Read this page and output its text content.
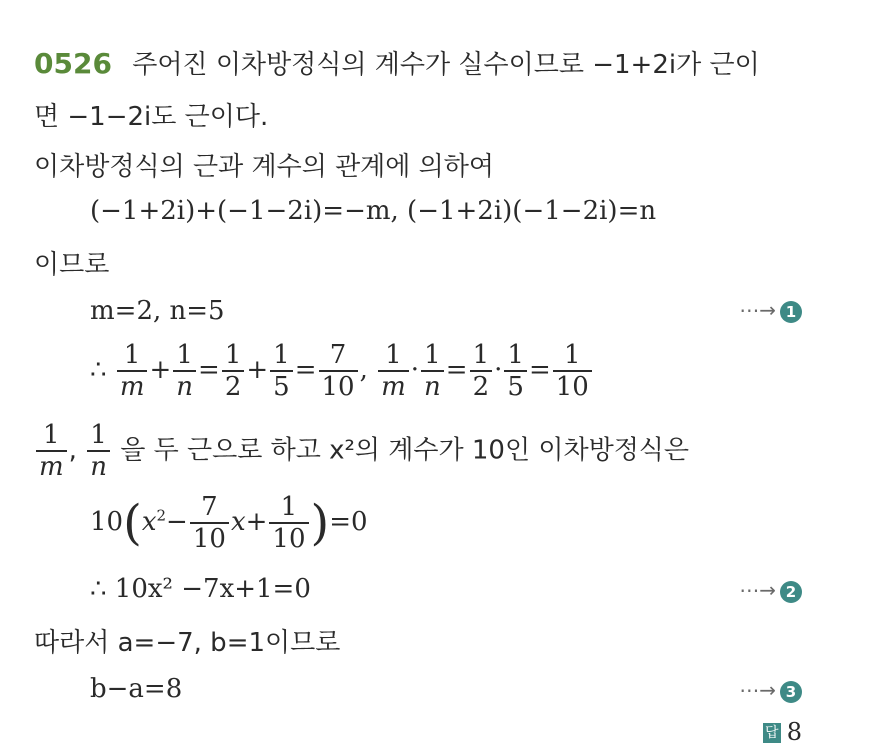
0526 주어진 이차방정식의 계수가 실수이므로 −1+2i가 근이
면 −1−2i도 근이다.
이차방정식의 근과 계수의 관계에 의하여
(−1+2i)+(−1−2i)=−m, (−1+2i)(−1−2i)=n
이므로
m=2, n=5	⋯→ 1
∴ $\frac{1}{m} + \frac{1}{n} = \frac{1}{2} + \frac{1}{5} = \frac{7}{10}$ , $\frac{1}{m} \cdot \frac{1}{n} = \frac{1}{2} \cdot \frac{1}{5} = \frac{1}{10}$
$\frac{1}{m}$ , $\frac{1}{n}$ 을 두 근으로 하고 x²의 계수가 10인 이차방정식은
$10(x^2- \frac{7}{10} x+ \frac{1}{10} )=0$
∴ 10x² −7x+1=0	⋯→ 2
따라서 a=−7, b=1이므로
b−a=8	⋯→ 3
답 8
